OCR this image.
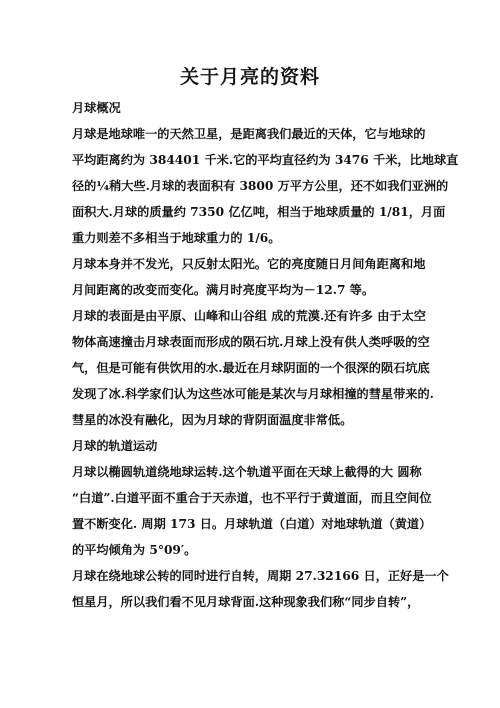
关于月亮的资料
月球概况
月球是地球唯一的天然卫星，是距离我们最近的天体，它与地球的
平均距离约为 384401 千米.它的平均直径约为 3476 千米，比地球直
径的¼稍大些.月球的表面积有 3800 万平方公里，还不如我们亚洲的
面积大.月球的质量约 7350 亿亿吨，相当于地球质量的 1/81，月面
重力则差不多相当于地球重力的 1/6。
月球本身并不发光，只反射太阳光。它的亮度随日月间角距离和地
月间距离的改变而变化。满月时亮度平均为－12.7 等。
月球的表面是由平原、山峰和山谷组 成的荒漠.还有许多 由于太空
物体高速撞击月球表面而形成的陨石坑.月球上没有供人类呼吸的空
气，但是可能有供饮用的水.最近在月球阴面的一个很深的陨石坑底
发现了冰.科学家们认为这些冰可能是某次与月球相撞的彗星带来的.
彗星的冰没有融化，因为月球的背阴面温度非常低。
月球的轨道运动
月球以椭圆轨道绕地球运转.这个轨道平面在天球上截得的大 圆称
“白道”.白道平面不重合于天赤道，也不平行于黄道面，而且空间位
置不断变化. 周期 173 日。月球轨道（白道）对地球轨道（黄道）
的平均倾角为 5°09′。
月球在绕地球公转的同时进行自转，周期 27.32166 日，正好是一个
恒星月，所以我们看不见月球背面.这种现象我们称“同步自转”，
